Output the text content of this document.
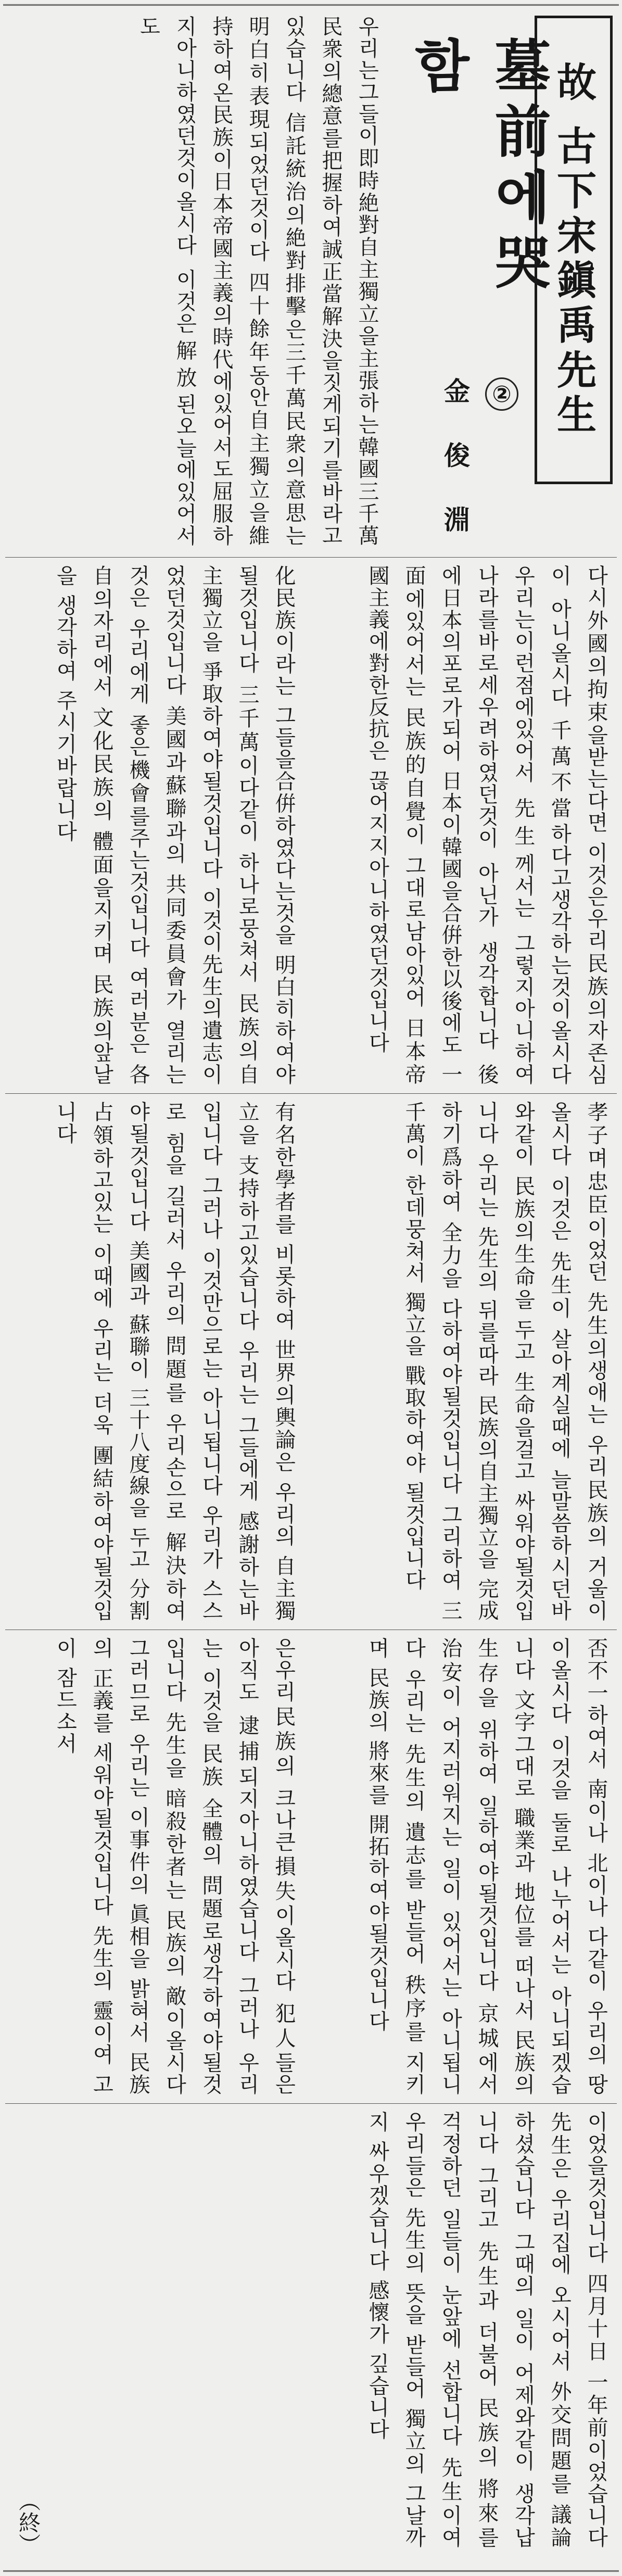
故 古下宋鎭禹先生
墓前에哭함
②
金 俊 淵
우리는그들이即時絶對自主獨立을主張하는韓國三千萬民衆의總意를把握하여誠正當解決을짓게되기를바라고있습니다 信託統治의絶對排擊은三千萬民衆의意思는明白히表現되었던것이다 四十餘年동안自主獨立을維持하여온民族이日本帝國主義의時代에있어서도屈服하지아니하였던것이올시다 이것은解放된오늘에있어서도
다시外國의拘束을받는다면 이것은우리民族의자존심이 아니올시다 千萬不當하다고생각하는것이올시다 우리는이런점에있어서 先生께서는 그렇지아니하여 나라를바로세우려하였던것이 아닌가 생각합니다 後에日本의포로가되어 日本이韓國을合倂한以後에도 一面에있어서는 民族的自覺이 그대로남아있어 日本帝國主義에對한反抗은 끊어지지아니하였던것입니다
化民族이라는 그들을合倂하였다는것을 明白히하여야될것입니다 三千萬이다같이 하나로뭉쳐서 民族의自主獨立을 爭取하여야될것입니다 이것이先生의遺志이었던것입니다 美國과蘇聯과의 共同委員會가 열리는것은 우리에게 좋은機會를주는것입니다 여러분은 各自의자리에서 文化民族의 體面을지키며 民族의앞날을 생각하여 주시기바랍니다
孝子며忠臣이었던 先生의생애는 우리民族의 거울이올시다 이것은 先生이 살아계실때에 늘말씀하시던바와같이 民族의生命을 두고 生命을걸고 싸워야될것입니다 우리는 先生의 뒤를따라 民族의自主獨立을 完成하기爲하여 全力을 다하여야될것입니다 그리하여 三千萬이 한데뭉쳐서 獨立을 戰取하여야 될것입니다
有名한學者를 비롯하여 世界의輿論은 우리의 自主獨立을 支持하고있습니다 우리는 그들에게 感謝하는바입니다 그러나 이것만으로는 아니됩니다 우리가 스스로 힘을 길러서 우리의 問題를 우리손으로 解決하여야될것입니다 美國과 蘇聯이 三十八度線을 두고 分割占領하고있는 이때에 우리는 더욱 團結하여야될것입니다
否不一하여서 南이나 北이나 다같이 우리의 땅이올시다 이것을 둘로 나누어서는 아니되겠습니다 文字그대로 職業과 地位를 떠나서 民族의 生存을 위하여 일하여야될것입니다 京城에서 治安이 어지러워지는 일이 있어서는 아니됩니다 우리는 先生의 遺志를 받들어 秩序를 지키며 民族의 將來를 開拓하여야될것입니다
은우리民族의 크나큰損失이올시다 犯人들은 아직도 逮捕되지아니하였습니다 그러나 우리는 이것을 民族 全體의 問題로생각하여야될것입니다 先生을 暗殺한者는 民族의 敵이올시다 그러므로 우리는 이事件의 眞相을 밝혀서 民族의 正義를 세워야될것입니다 先生의 靈이여 고이 잠드소서
이었을것입니다 四月十日 一年前이었습니다 先生은 우리집에 오시어서 外交問題를 議論하셨습니다 그때의 일이 어제와같이 생각납니다 그리고 先生과 더불어 民族의 將來를 걱정하던 일들이 눈앞에 선합니다 先生이여 우리들은 先生의 뜻을 받들어 獨立의 그날까지 싸우겠습니다 感懷가 깊습니다
（終）
